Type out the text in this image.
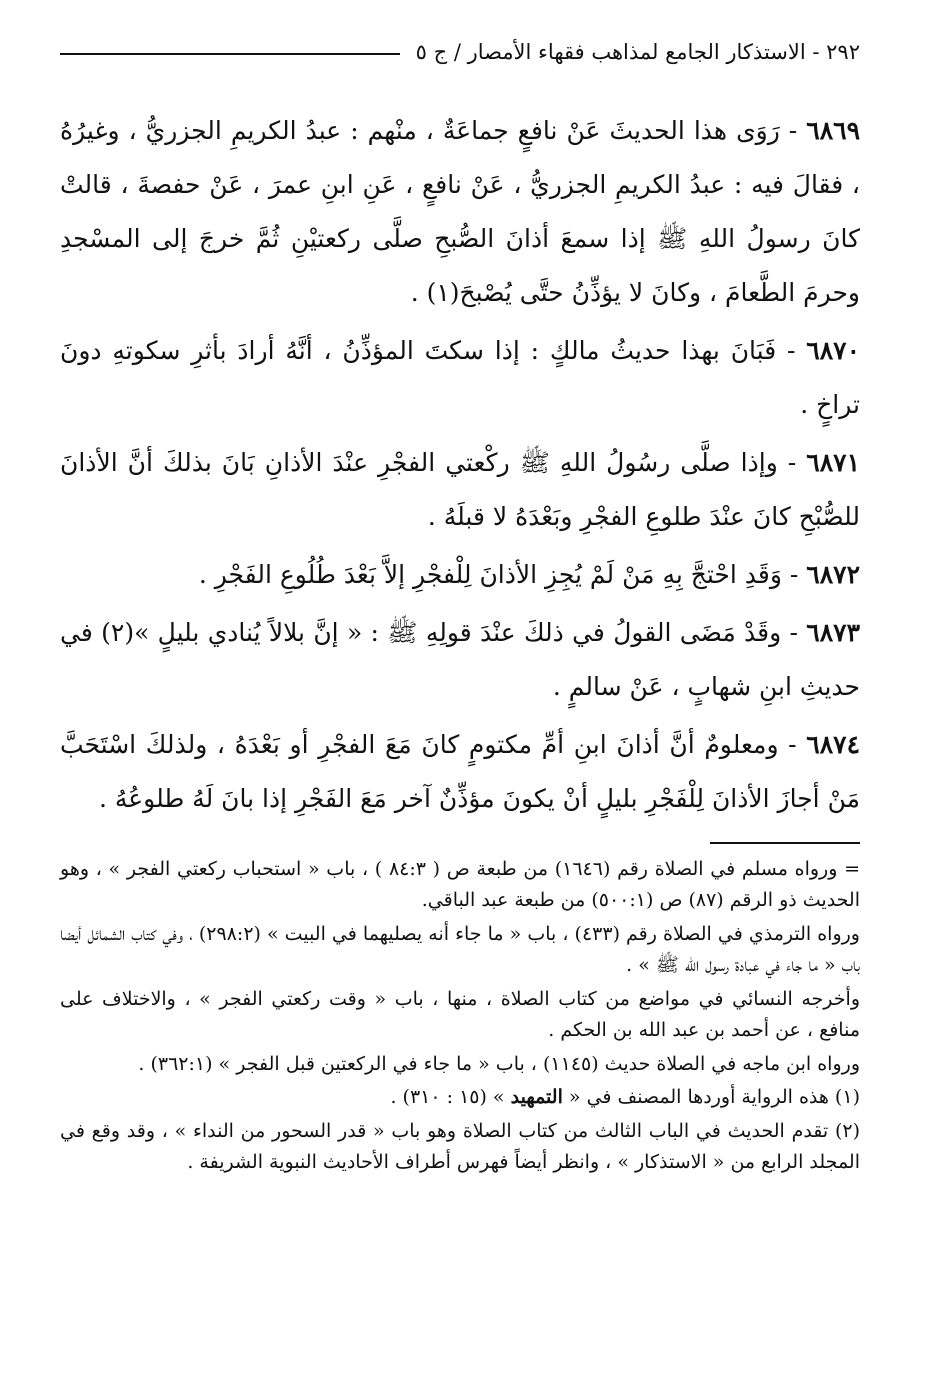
٢٩٢ - الاستذكار الجامع لمذاهب فقهاء الأمصار / ج ٥

٦٨٦٩ - رَوَى هذا الحديثَ عَنْ نافعٍ جماعَةٌ ، منْهم : عبدُ الكريمِ الجزريُّ ، وغيرُهُ ، فقالَ فيه : عبدُ الكريمِ الجزريُّ ، عَنْ نافعٍ ، عَنِ ابنِ عمرَ ، عَنْ حفصةَ ، قالتْ كانَ رسولُ اللهِ ﷺ إذا سمعَ أذانَ الصُّبحِ صلَّى ركعتيْنِ ثُمَّ خرجَ إلى المسْجدِ وحرمَ الطَّعامَ ، وكانَ لا يؤذِّنُ حتَّى يُصْبحَ(١) .

٦٨٧٠ - فَبَانَ بهذا حديثُ مالكٍ : إذا سكتَ المؤذِّنُ ، أنَّهُ أرادَ بأثرِ سكوتهِ دونَ تراخٍ .

٦٨٧١ - وإذا صلَّى رسُولُ اللهِ ﷺ ركْعتي الفجْرِ عنْدَ الأذانِ بَانَ بذلكَ أنَّ الأذانَ للصُّبْحِ كانَ عنْدَ طلوعِ الفجْرِ وبَعْدَهُ لا قبلَهُ .

٦٨٧٢ - وَقَدِ احْتجَّ بِهِ مَنْ لَمْ يُجِزِ الأذانَ لِلْفجْرِ إلاَّ بَعْدَ طُلُوعِ الفَجْرِ .

٦٨٧٣ - وقَدْ مَضَى القولُ في ذلكَ عنْدَ قولِهِ ﷺ : « إنَّ بلالاً يُنادي بليلٍ »(٢) في حديثِ ابنِ شهابٍ ، عَنْ سالمٍ .

٦٨٧٤ - ومعلومٌ أنَّ أذانَ ابنِ أمِّ مكتومٍ كانَ مَعَ الفجْرِ أو بَعْدَهُ ، ولذلكَ اسْتَحَبَّ مَنْ أجازَ الأذانَ لِلْفَجْرِ بليلٍ أنْ يكونَ مؤذِّنٌ آخر مَعَ الفَجْرِ إذا بانَ لَهُ طلوعُهُ .

= ورواه مسلم في الصلاة رقم (١٦٤٦) من طبعة ص ( ٨٤:٣ ) ، باب « استحباب ركعتي الفجر » ، وهو الحديث ذو الرقم (٨٧) ص (٥٠٠:١) من طبعة عبد الباقي.

ورواه الترمذي في الصلاة رقم (٤٣٣) ، باب « ما جاء أنه يصليهما في البيت » (٢٩٨:٢) ، وفي كتاب الشمائل أيضا باب « ما جاء في عبادة رسول الله ﷺ » .

وأخرجه النسائي في مواضع من كتاب الصلاة ، منها ، باب « وقت ركعتي الفجر » ، والاختلاف على منافع ، عن أحمد بن عبد الله بن الحكم .

ورواه ابن ماجه في الصلاة حديث (١١٤٥) ، باب « ما جاء في الركعتين قبل الفجر » (٣٦٢:١) .

(١) هذه الرواية أوردها المصنف في « التمهيد » (١٥ : ٣١٠) .

(٢) تقدم الحديث في الباب الثالث من كتاب الصلاة وهو باب « قدر السحور من النداء » ، وقد وقع في المجلد الرابع من « الاستذكار » ، وانظر أيضاً فهرس أطراف الأحاديث النبوية الشريفة .
